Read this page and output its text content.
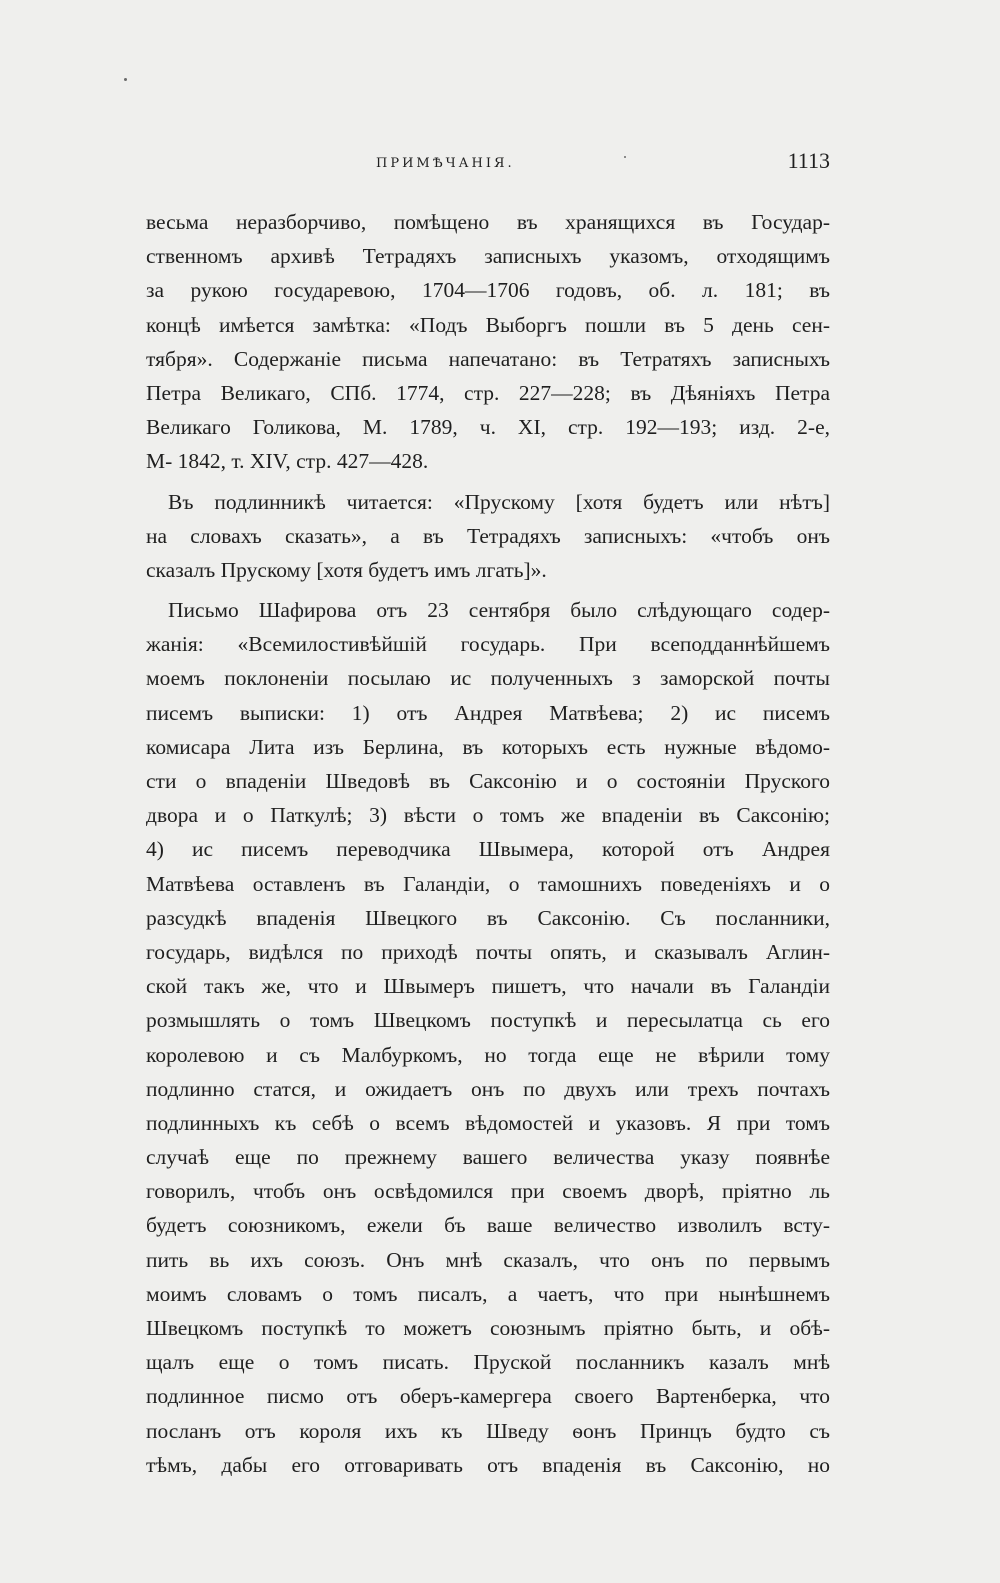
ПРИМѢЧАНІЯ.	1113
весьма неразборчиво, помѣщено въ хранящихся въ Государ-
ственномъ архивѣ Тетрадяхъ записныхъ указомъ, отходящимъ
за рукою государевою, 1704—1706 годовъ, об. л. 181; въ
концѣ имѣется замѣтка: «Подъ Выборгъ пошли въ 5 день сен-
тября». Содержаніе письма напечатано: въ Тетратяхъ записныхъ
Петра Великаго, СПб. 1774, стр. 227—228; въ Дѣяніяхъ Петра
Великаго Голикова, М. 1789, ч. XI, стр. 192—193; изд. 2-е,
М- 1842, т. XIV, стр. 427—428.
Въ подлинникѣ читается: «Прускому [хотя будетъ или нѣтъ]
на словахъ сказать», а въ Тетрадяхъ записныхъ: «чтобъ онъ
сказалъ Прускому [хотя будетъ имъ лгать]».
Письмо Шафирова отъ 23 сентября было слѣдующаго содер-
жанія: «Всемилостивѣйшій государь. При всеподданнѣйшемъ
моемъ поклоненіи посылаю ис полученныхъ з заморской почты
писемъ выписки: 1) отъ Андрея Матвѣева; 2) ис писемъ
комисара Лита изъ Берлина, въ которыхъ есть нужные вѣдомо-
сти о впаденіи Шведовѣ въ Саксонію и о состояніи Пруского
двора и о Паткулѣ; 3) вѣсти о томъ же впаденіи въ Саксонію;
4) ис писемъ переводчика Швымера, которой отъ Андрея
Матвѣева оставленъ въ Галандіи, о тамошнихъ поведеніяхъ и о
разсудкѣ впаденія Швецкого въ Саксонію. Съ посланники,
государь, видѣлся по приходѣ почты опять, и сказывалъ Аглин-
ской такъ же, что и Швымеръ пишетъ, что начали въ Галандіи
розмышлять о томъ Швецкомъ поступкѣ и пересылатца сь его
королевою и съ Малбуркомъ, но тогда еще не вѣрили тому
подлинно статся, и ожидаетъ онъ по двухъ или трехъ почтахъ
подлинныхъ къ себѣ о всемъ вѣдомостей и указовъ. Я при томъ
случаѣ еще по прежнему вашего величества указу появнѣе
говорилъ, чтобъ онъ освѣдомился при своемъ дворѣ, пріятно ль
будетъ союзникомъ, ежели бъ ваше величество изволилъ всту-
пить вь ихъ союзъ. Онъ мнѣ сказалъ, что онъ по первымъ
моимъ словамъ о томъ писалъ, а чаетъ, что при нынѣшнемъ
Швецкомъ поступкѣ то можетъ союзнымъ пріятно быть, и обѣ-
щалъ еще о томъ писать. Пруской посланникъ казалъ мнѣ
подлинное писмо отъ оберъ-камергера своего Вартенберка, что
посланъ отъ короля ихъ къ Шведу ѳонъ Принцъ будто съ
тѣмъ, дабы его отговаривать отъ впаденія въ Саксонію, но
